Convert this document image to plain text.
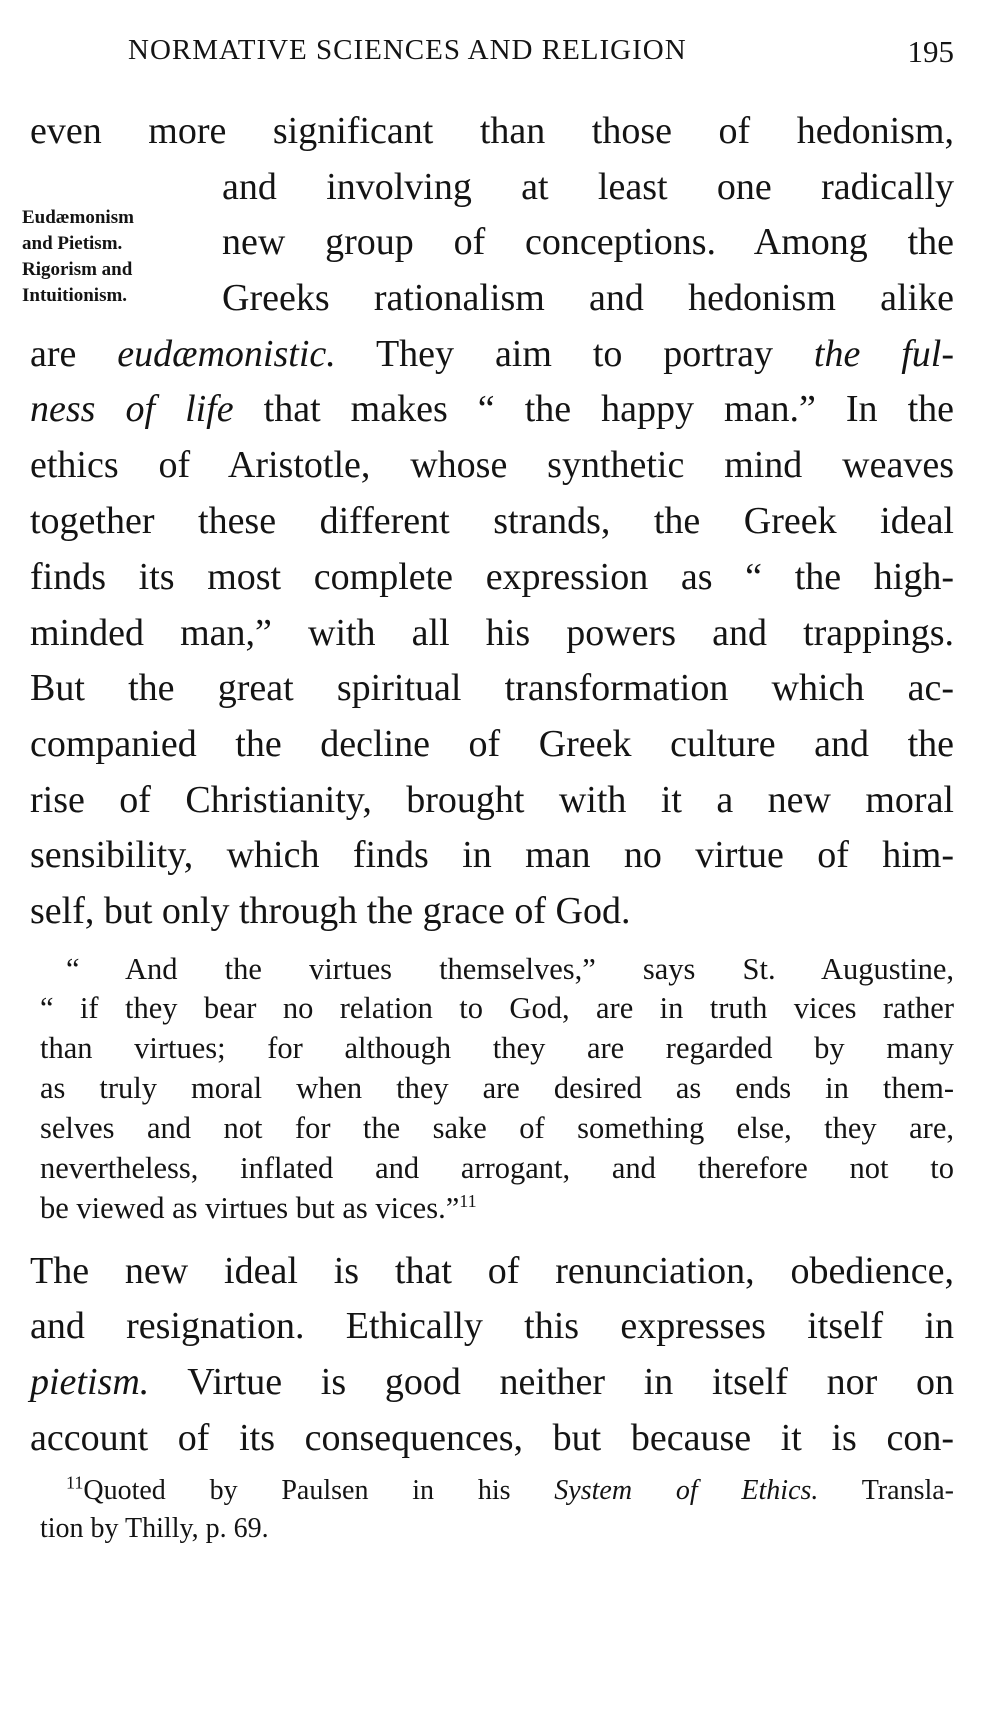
NORMATIVE SCIENCES AND RELIGION	195
Eudæmonism
and Pietism.
Rigorism and
Intuitionism.
even more significant than those of hedonism,
and involving at least one radically
new group of conceptions. Among the
Greeks rationalism and hedonism alike
are eudæmonistic. They aim to portray the ful-
ness of life that makes “ the happy man.” In the
ethics of Aristotle, whose synthetic mind weaves
together these different strands, the Greek ideal
finds its most complete expression as “ the high-
minded man,” with all his powers and trappings.
But the great spiritual transformation which ac-
companied the decline of Greek culture and the
rise of Christianity, brought with it a new moral
sensibility, which finds in man no virtue of him-
self, but only through the grace of God.
“ And the virtues themselves,” says St. Augustine,
“ if they bear no relation to God, are in truth vices rather
than virtues; for although they are regarded by many
as truly moral when they are desired as ends in them-
selves and not for the sake of something else, they are,
nevertheless, inflated and arrogant, and therefore not to
be viewed as virtues but as vices.”$^{11}$
The new ideal is that of renunciation, obedience,
and resignation. Ethically this expresses itself in
pietism. Virtue is good neither in itself nor on
account of its consequences, but because it is con-
$^{11}$Quoted by Paulsen in his System of Ethics. Transla-
tion by Thilly, p. 69.
